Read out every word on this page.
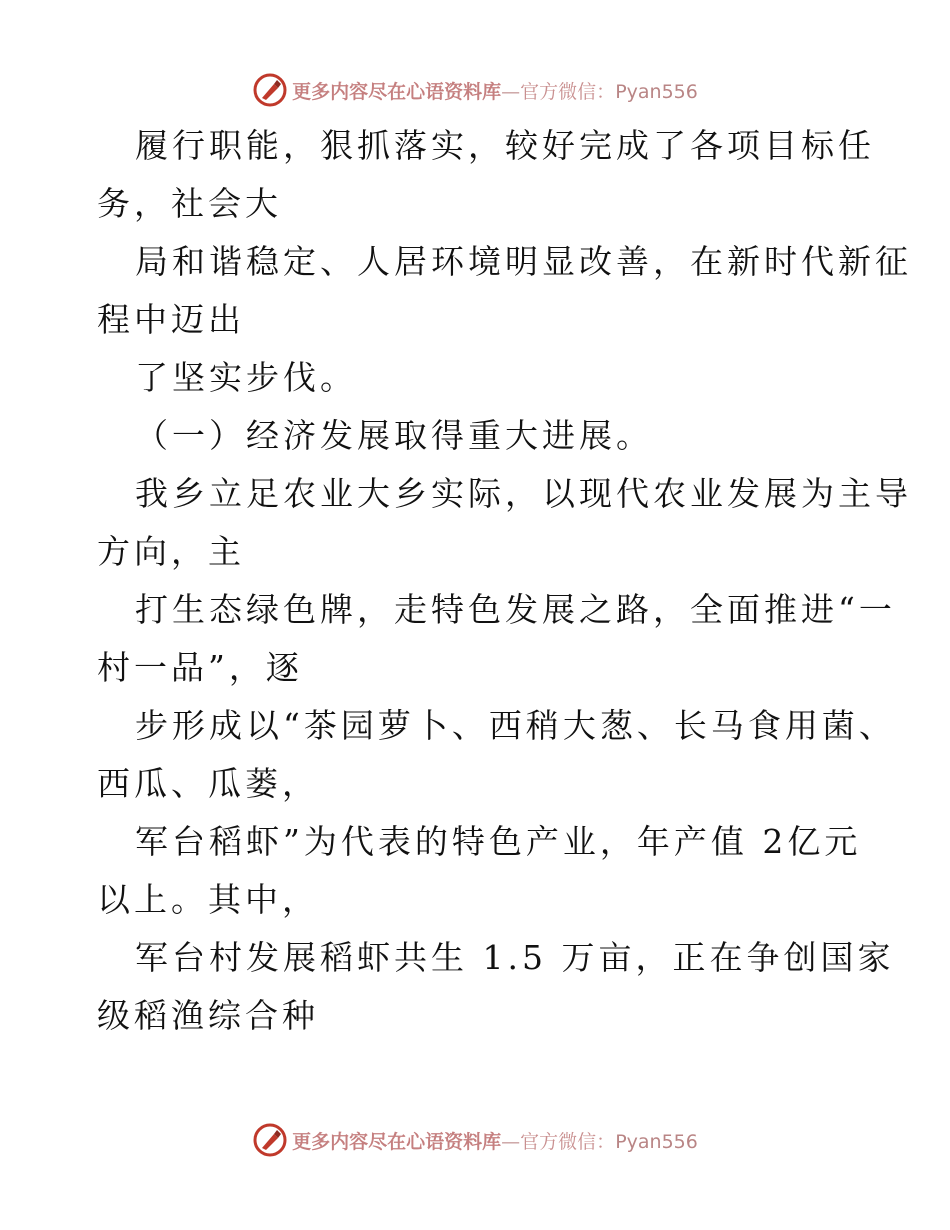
更多内容尽在心语资料库—官方微信：Pyan556
履行职能，狠抓落实，较好完成了各项目标任
务，社会大
局和谐稳定、人居环境明显改善，在新时代新征
程中迈出
了坚实步伐。
（一）经济发展取得重大进展。
我乡立足农业大乡实际，以现代农业发展为主导
方向，主
打生态绿色牌，走特色发展之路，全面推进“一
村一品”，逐
步形成以“茶园萝卜、西稍大葱、长马食用菌、
西瓜、瓜蒌，
军台稻虾”为代表的特色产业，年产值 2亿元
以上。其中，
军台村发展稻虾共生 1.5 万亩，正在争创国家
级稻渔综合种
更多内容尽在心语资料库—官方微信：Pyan556
